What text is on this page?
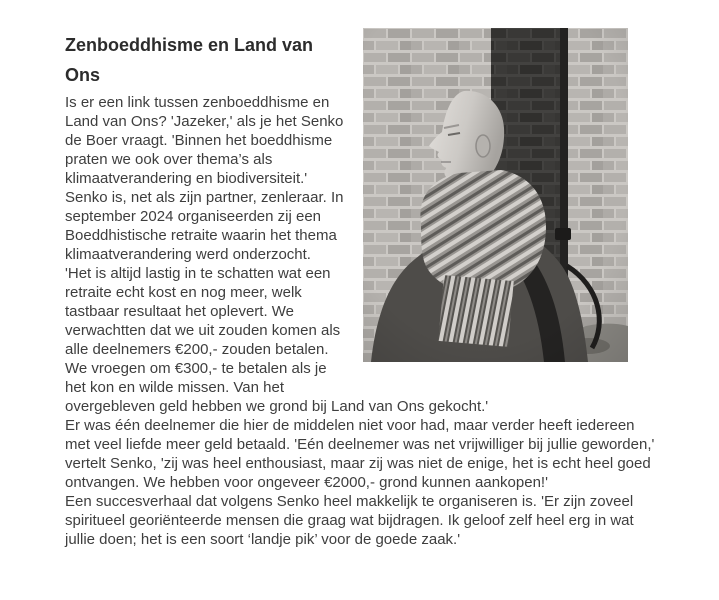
Zenboeddhisme en Land van Ons

Is er een link tussen zenboeddhisme en Land van Ons? 'Jazeker,' als je het Senko de Boer vraagt. 'Binnen het boeddhisme praten we ook over thema’s als klimaatverandering en biodiversiteit.'

Senko is, net als zijn partner, zenleraar. In september 2024 organiseerden zij een Boeddhistische retraite waarin het thema klimaatverandering werd onderzocht.

'Het is altijd lastig in te schatten wat een retraite echt kost en nog meer, welk tastbaar resultaat het oplevert. We verwachtten dat we uit zouden komen als alle deelnemers €200,- zouden betalen. We vroegen om €300,- te betalen als je het kon en wilde missen. Van het overgebleven geld hebben we grond bij Land van Ons gekocht.'

Er was één deelnemer die hier de middelen niet voor had, maar verder heeft iedereen met veel liefde meer geld betaald. 'Eén deelnemer was net vrijwilliger bij jullie geworden,' vertelt Senko, 'zij was heel enthousiast, maar zij was niet de enige, het is echt heel goed ontvangen. We hebben voor ongeveer €2000,- grond kunnen aankopen!'

Een succesverhaal dat volgens Senko heel makkelijk te organiseren is. 'Er zijn zoveel spiritueel georiënteerde mensen die graag wat bijdragen. Ik geloof zelf heel erg in wat jullie doen; het is een soort ‘landje pik’ voor de goede zaak.'
